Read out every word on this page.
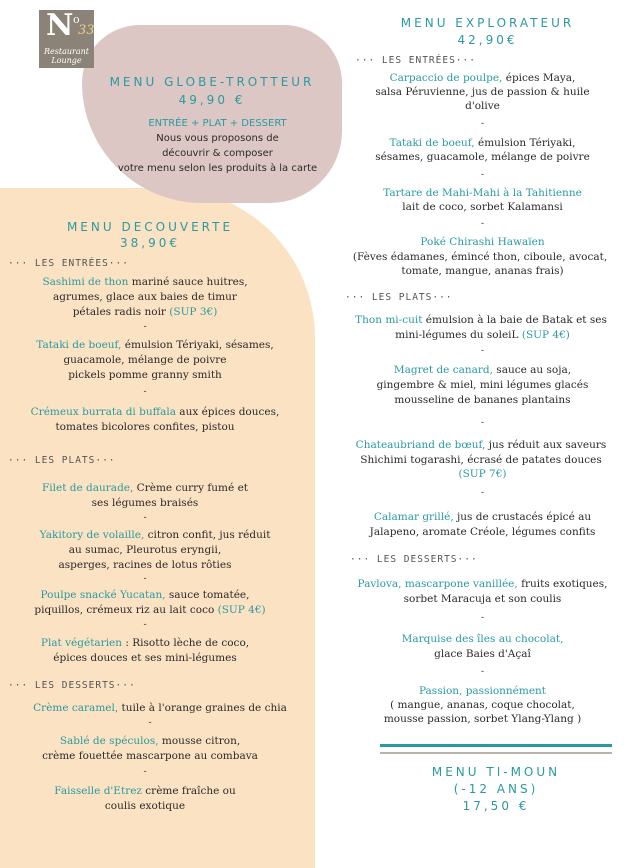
N o
33
Restaurant
Lounge
MENU GLOBE-TROTTEUR
49,90 €
ENTRÉE + PLAT + DESSERT
Nous vous proposons de
découvrir & composer
votre menu selon les produits à la carte
MENU DECOUVERTE
38,90€
··· LES ENTRÉES···
Sashimi de thon mariné sauce huitres,
agrumes, glace aux baies de timur
pétales radis noir (SUP 3€)
-
Tataki de boeuf, émulsion Tériyaki, sésames,
guacamole, mélange de poivre
pickels pomme granny smith
-
Crémeux burrata di buffala aux épices douces,
tomates bicolores confites, pistou
··· LES PLATS···
Filet de daurade, Crème curry fumé et
ses légumes braisés
-
Yakitory de volaille, citron confit, jus réduit
au sumac, Pleurotus eryngii,
asperges, racines de lotus rôties
-
Poulpe snacké Yucatan, sauce tomatée,
piquillos, crémeux riz au lait coco (SUP 4€)
-
Plat végétarien : Risotto lèche de coco,
épices douces et ses mini-légumes
··· LES DESSERTS···
Crème caramel, tuile à l'orange graines de chia
-
Sablé de spéculos, mousse citron,
crème fouettée mascarpone au combava
-
Faisselle d'Etrez crème fraîche ou
coulis exotique
MENU EXPLORATEUR
42,90€
··· LES ENTRÉES···
Carpaccio de poulpe, épices Maya,
salsa Péruvienne, jus de passion & huile
d'olive
-
Tataki de boeuf, émulsion Tériyaki,
sésames, guacamole, mélange de poivre
-
Tartare de Mahi-Mahi à la Tahitienne
lait de coco, sorbet Kalamansi
-
Poké Chirashi Hawaïen
(Fèves édamanes, émincé thon, ciboule, avocat,
tomate, mangue, ananas frais)
··· LES PLATS···
Thon mi-cuit émulsion à la baie de Batak et ses
mini-légumes du soleiL (SUP 4€)
-
Magret de canard, sauce au soja,
gingembre & miel, mini légumes glacés
mousseline de bananes plantains
-
Chateaubriand de bœuf, jus réduit aux saveurs
Shichimi togarashi, écrasé de patates douces
(SUP 7€)
-
Calamar grillé, jus de crustacés épicé au
Jalapeno, aromate Créole, légumes confits
··· LES DESSERTS···
Pavlova, mascarpone vanillée, fruits exotiques,
sorbet Maracuja et son coulis
-
Marquise des îles au chocolat,
glace Baies d'Açaî
-
Passion, passionnément
( mangue, ananas, coque chocolat,
mousse passion, sorbet Ylang-Ylang )
MENU TI-MOUN
(-12 ANS)
17,50 €
